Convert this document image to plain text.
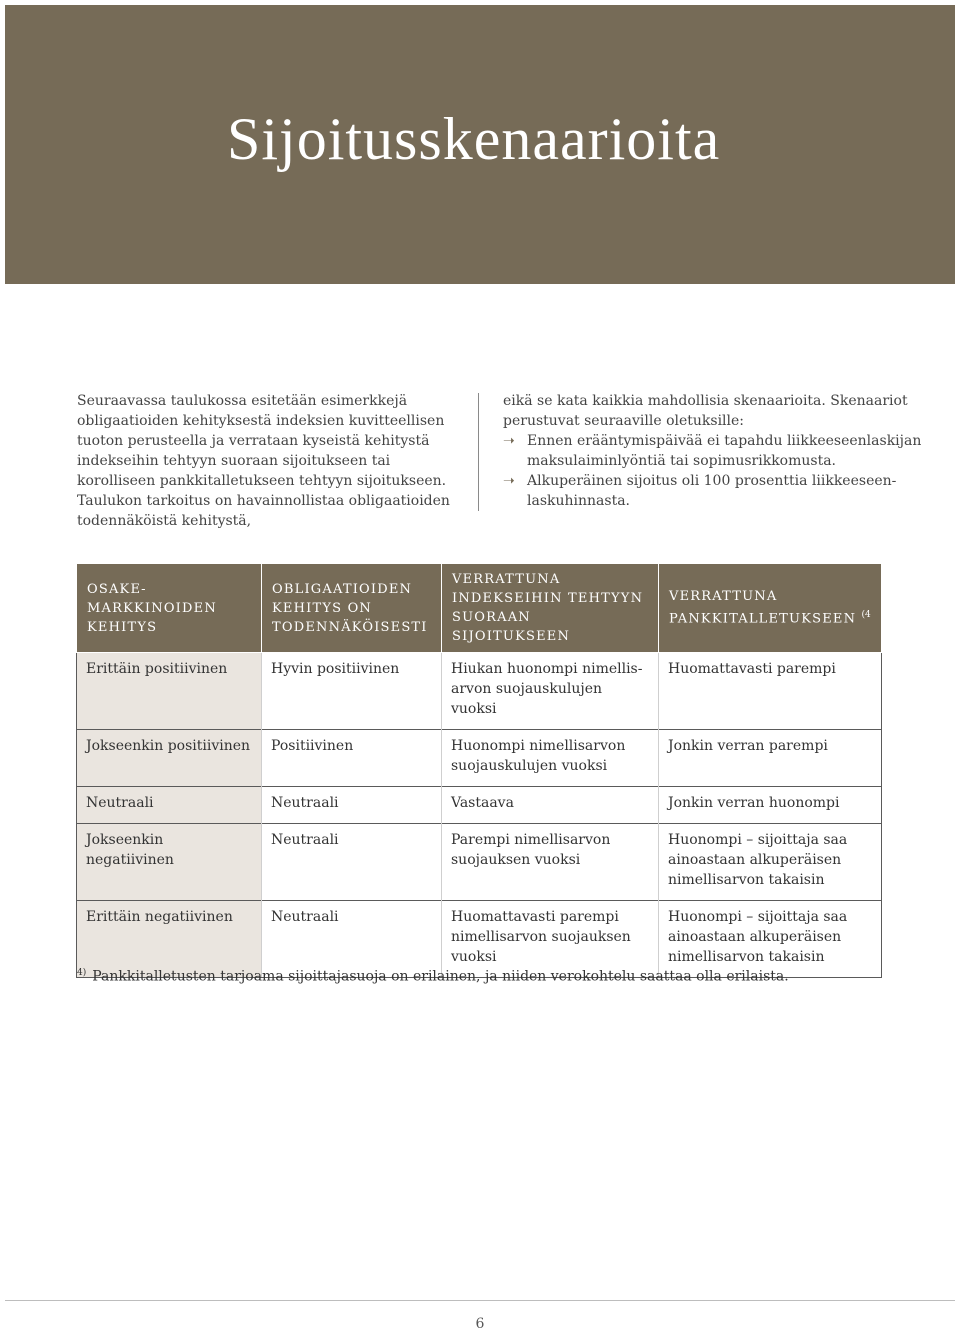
Sijoitusskenaarioita

Seuraavassa taulukossa esitetään esimerkkejä obligaatioiden kehityksestä indeksien kuvitteellisen tuoton perusteella ja verrataan kyseistä kehitystä indekseihin tehtyyn suoraan sijoitukseen tai korolliseen pankkitalletukseen tehtyyn sijoitukseen. Taulukon tarkoitus on havainnollistaa obligaatioiden todennäköistä kehitystä,

eikä se kata kaikkia mahdollisia skenaarioita. Skenaariot perustuvat seuraaville oletuksille:

➝ Ennen erääntymispäivää ei tapahdu liikkeeseenlaskijan maksulaiminlyöntiä tai sopimusrikkomusta.
➝ Alkuperäinen sijoitus oli 100 prosenttia liikkeeseenlaskuhinnasta.
OSAKEMARKKINOIDEN KEHITYS	OBLIGAATIOIDEN KEHITYS ON TODENNÄKÖISESTI	VERRATTUNA INDEKSEIHIN TEHTYYN SUORAAN SIJOITUKSEEN	VERRATTUNA PANKKITALLETUKSEEN $^{(4}$
Erittäin positiivinen	Hyvin positiivinen	Hiukan huonompi nimellisarvon suojauskulujen vuoksi	Huomattavasti parempi
Jokseenkin positiivinen	Positiivinen	Huonompi nimellisarvon suojauskulujen vuoksi	Jonkin verran parempi
Neutraali	Neutraali	Vastaava	Jonkin verran huonompi
Jokseenkin negatiivinen	Neutraali	Parempi nimellisarvon suojauksen vuoksi	Huonompi – sijoittaja saa ainoastaan alkuperäisen nimellisarvon takaisin
Erittäin negatiivinen	Neutraali	Huomattavasti parempi nimellisarvon suojauksen vuoksi	Huonompi – sijoittaja saa ainoastaan alkuperäisen nimellisarvon takaisin
$^{4)}$ Pankkitalletusten tarjoama sijoittajasuoja on erilainen, ja niiden verokohtelu saattaa olla erilaista.
6
